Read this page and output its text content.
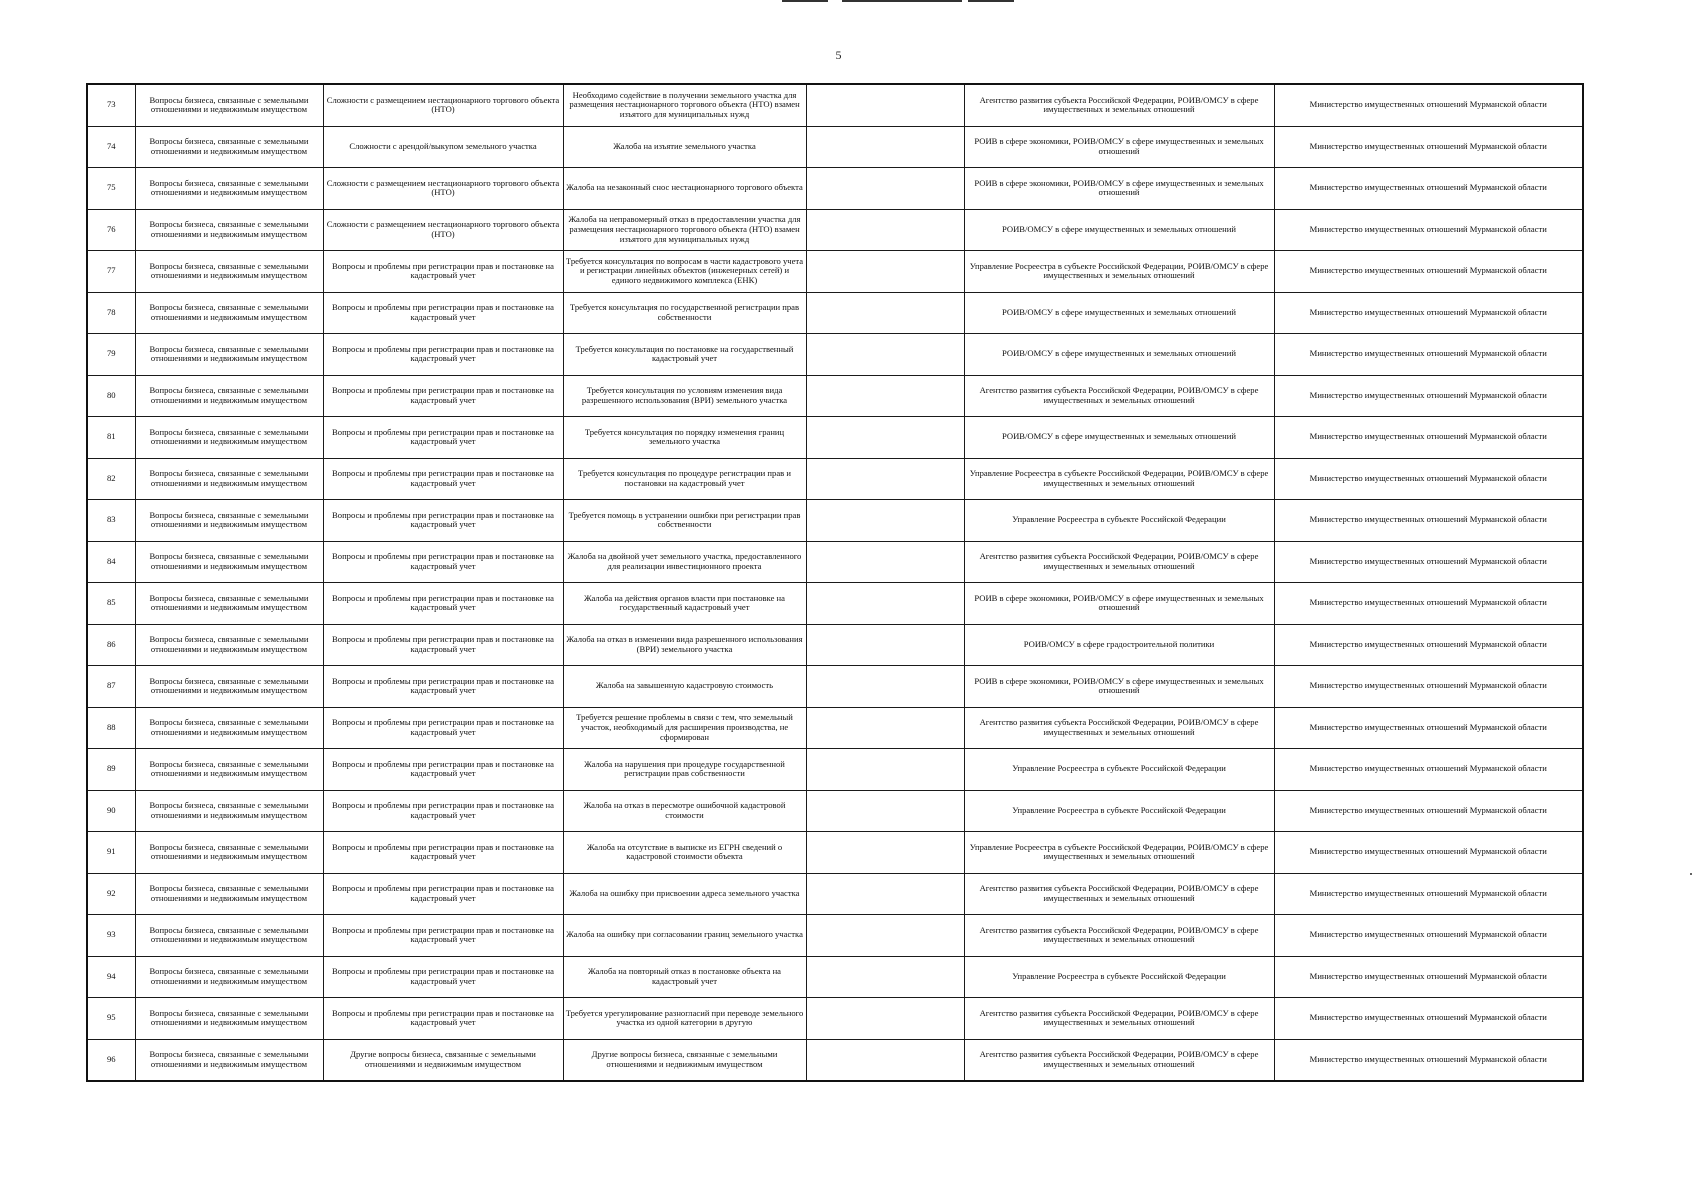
5
73	Вопросы бизнеса, связанные с земельными отношениями и недвижимым имуществом	Сложности с размещением нестационарного торгового объекта (НТО)	Необходимо содействие в получении земельного участка для размещения нестационарного торгового объекта (НТО) взамен изъятого для муниципальных нужд		Агентство развития субъекта Российской Федерации, РОИВ/ОМСУ в сфере имущественных и земельных отношений	Министерство имущественных отношений Мурманской области
74	Вопросы бизнеса, связанные с земельными отношениями и недвижимым имуществом	Сложности с арендой/выкупом земельного участка	Жалоба на изъятие земельного участка		РОИВ в сфере экономики, РОИВ/ОМСУ в сфере имущественных и земельных отношений	Министерство имущественных отношений Мурманской области
75	Вопросы бизнеса, связанные с земельными отношениями и недвижимым имуществом	Сложности с размещением нестационарного торгового объекта (НТО)	Жалоба на незаконный снос нестационарного торгового объекта		РОИВ в сфере экономики, РОИВ/ОМСУ в сфере имущественных и земельных отношений	Министерство имущественных отношений Мурманской области
76	Вопросы бизнеса, связанные с земельными отношениями и недвижимым имуществом	Сложности с размещением нестационарного торгового объекта (НТО)	Жалоба на неправомерный отказ в предоставлении участка для размещения нестационарного торгового объекта (НТО) взамен изъятого для муниципальных нужд		РОИВ/ОМСУ в сфере имущественных и земельных отношений	Министерство имущественных отношений Мурманской области
77	Вопросы бизнеса, связанные с земельными отношениями и недвижимым имуществом	Вопросы и проблемы при регистрации прав и постановке на кадастровый учет	Требуется консультация по вопросам в части кадастрового учета и регистрации линейных объектов (инженерных сетей) и единого недвижимого комплекса (ЕНК)		Управление Росреестра в субъекте Российской Федерации, РОИВ/ОМСУ в сфере имущественных и земельных отношений	Министерство имущественных отношений Мурманской области
78	Вопросы бизнеса, связанные с земельными отношениями и недвижимым имуществом	Вопросы и проблемы при регистрации прав и постановке на кадастровый учет	Требуется консультация по государственной регистрации прав собственности		РОИВ/ОМСУ в сфере имущественных и земельных отношений	Министерство имущественных отношений Мурманской области
79	Вопросы бизнеса, связанные с земельными отношениями и недвижимым имуществом	Вопросы и проблемы при регистрации прав и постановке на кадастровый учет	Требуется консультация по постановке на государственный кадастровый учет		РОИВ/ОМСУ в сфере имущественных и земельных отношений	Министерство имущественных отношений Мурманской области
80	Вопросы бизнеса, связанные с земельными отношениями и недвижимым имуществом	Вопросы и проблемы при регистрации прав и постановке на кадастровый учет	Требуется консультация по условиям изменения вида разрешенного использования (ВРИ) земельного участка		Агентство развития субъекта Российской Федерации, РОИВ/ОМСУ в сфере имущественных и земельных отношений	Министерство имущественных отношений Мурманской области
81	Вопросы бизнеса, связанные с земельными отношениями и недвижимым имуществом	Вопросы и проблемы при регистрации прав и постановке на кадастровый учет	Требуется консультация по порядку изменения границ земельного участка		РОИВ/ОМСУ в сфере имущественных и земельных отношений	Министерство имущественных отношений Мурманской области
82	Вопросы бизнеса, связанные с земельными отношениями и недвижимым имуществом	Вопросы и проблемы при регистрации прав и постановке на кадастровый учет	Требуется консультация по процедуре регистрации прав и постановки на кадастровый учет		Управление Росреестра в субъекте Российской Федерации, РОИВ/ОМСУ в сфере имущественных и земельных отношений	Министерство имущественных отношений Мурманской области
83	Вопросы бизнеса, связанные с земельными отношениями и недвижимым имуществом	Вопросы и проблемы при регистрации прав и постановке на кадастровый учет	Требуется помощь в устранении ошибки при регистрации прав собственности		Управление Росреестра в субъекте Российской Федерации	Министерство имущественных отношений Мурманской области
84	Вопросы бизнеса, связанные с земельными отношениями и недвижимым имуществом	Вопросы и проблемы при регистрации прав и постановке на кадастровый учет	Жалоба на двойной учет земельного участка, предоставленного для реализации инвестиционного проекта		Агентство развития субъекта Российской Федерации, РОИВ/ОМСУ в сфере имущественных и земельных отношений	Министерство имущественных отношений Мурманской области
85	Вопросы бизнеса, связанные с земельными отношениями и недвижимым имуществом	Вопросы и проблемы при регистрации прав и постановке на кадастровый учет	Жалоба на действия органов власти при постановке на государственный кадастровый учет		РОИВ в сфере экономики, РОИВ/ОМСУ в сфере имущественных и земельных отношений	Министерство имущественных отношений Мурманской области
86	Вопросы бизнеса, связанные с земельными отношениями и недвижимым имуществом	Вопросы и проблемы при регистрации прав и постановке на кадастровый учет	Жалоба на отказ в изменении вида разрешенного использования (ВРИ) земельного участка		РОИВ/ОМСУ в сфере градостроительной политики	Министерство имущественных отношений Мурманской области
87	Вопросы бизнеса, связанные с земельными отношениями и недвижимым имуществом	Вопросы и проблемы при регистрации прав и постановке на кадастровый учет	Жалоба на завышенную кадастровую стоимость		РОИВ в сфере экономики, РОИВ/ОМСУ в сфере имущественных и земельных отношений	Министерство имущественных отношений Мурманской области
88	Вопросы бизнеса, связанные с земельными отношениями и недвижимым имуществом	Вопросы и проблемы при регистрации прав и постановке на кадастровый учет	Требуется решение проблемы в связи с тем, что земельный участок, необходимый для расширения производства, не сформирован		Агентство развития субъекта Российской Федерации, РОИВ/ОМСУ в сфере имущественных и земельных отношений	Министерство имущественных отношений Мурманской области
89	Вопросы бизнеса, связанные с земельными отношениями и недвижимым имуществом	Вопросы и проблемы при регистрации прав и постановке на кадастровый учет	Жалоба на нарушения при процедуре государственной регистрации прав собственности		Управление Росреестра в субъекте Российской Федерации	Министерство имущественных отношений Мурманской области
90	Вопросы бизнеса, связанные с земельными отношениями и недвижимым имуществом	Вопросы и проблемы при регистрации прав и постановке на кадастровый учет	Жалоба на отказ в пересмотре ошибочной кадастровой стоимости		Управление Росреестра в субъекте Российской Федерации	Министерство имущественных отношений Мурманской области
91	Вопросы бизнеса, связанные с земельными отношениями и недвижимым имуществом	Вопросы и проблемы при регистрации прав и постановке на кадастровый учет	Жалоба на отсутствие в выписке из ЕГРН сведений о кадастровой стоимости объекта		Управление Росреестра в субъекте Российской Федерации, РОИВ/ОМСУ в сфере имущественных и земельных отношений	Министерство имущественных отношений Мурманской области
92	Вопросы бизнеса, связанные с земельными отношениями и недвижимым имуществом	Вопросы и проблемы при регистрации прав и постановке на кадастровый учет	Жалоба на ошибку при присвоении адреса земельного участка		Агентство развития субъекта Российской Федерации, РОИВ/ОМСУ в сфере имущественных и земельных отношений	Министерство имущественных отношений Мурманской области
93	Вопросы бизнеса, связанные с земельными отношениями и недвижимым имуществом	Вопросы и проблемы при регистрации прав и постановке на кадастровый учет	Жалоба на ошибку при согласовании границ земельного участка		Агентство развития субъекта Российской Федерации, РОИВ/ОМСУ в сфере имущественных и земельных отношений	Министерство имущественных отношений Мурманской области
94	Вопросы бизнеса, связанные с земельными отношениями и недвижимым имуществом	Вопросы и проблемы при регистрации прав и постановке на кадастровый учет	Жалоба на повторный отказ в постановке объекта на кадастровый учет		Управление Росреестра в субъекте Российской Федерации	Министерство имущественных отношений Мурманской области
95	Вопросы бизнеса, связанные с земельными отношениями и недвижимым имуществом	Вопросы и проблемы при регистрации прав и постановке на кадастровый учет	Требуется урегулирование разногласий при переводе земельного участка из одной категории в другую		Агентство развития субъекта Российской Федерации, РОИВ/ОМСУ в сфере имущественных и земельных отношений	Министерство имущественных отношений Мурманской области
96	Вопросы бизнеса, связанные с земельными отношениями и недвижимым имуществом	Другие вопросы бизнеса, связанные с земельными отношениями и недвижимым имуществом	Другие вопросы бизнеса, связанные с земельными отношениями и недвижимым имуществом		Агентство развития субъекта Российской Федерации, РОИВ/ОМСУ в сфере имущественных и земельных отношений	Министерство имущественных отношений Мурманской области
